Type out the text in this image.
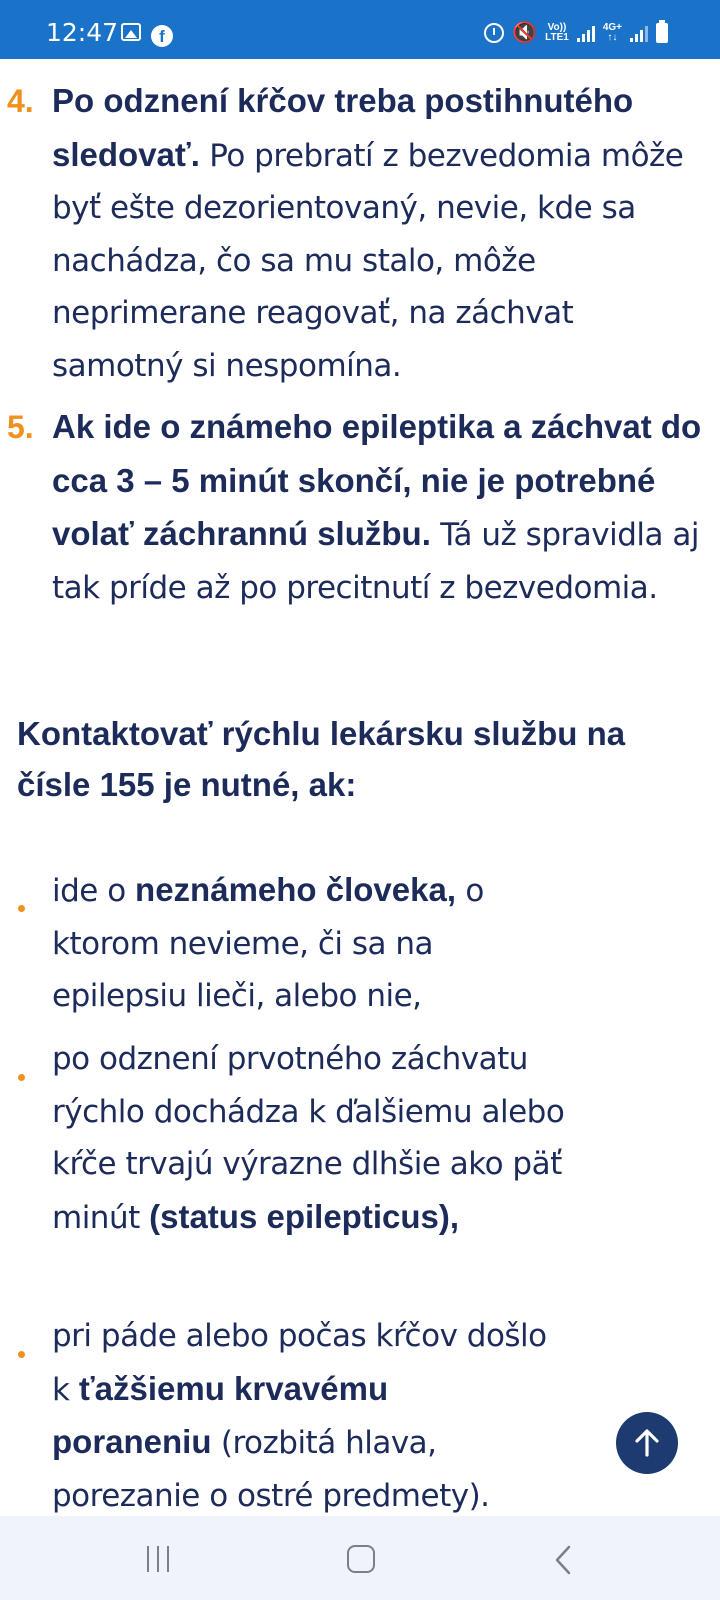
12:47	f	🔇 Vo))
LTE1
4G+
↑↓
4. Po odznení kŕčov treba postihnutého sledovať. Po prebratí z bezvedomia môže byť ešte dezorientovaný, nevie, kde sa nachádza, čo sa mu stalo, môže neprimerane reagovať, na záchvat samotný si nespomína.
5. Ak ide o známeho epileptika a záchvat do cca 3 – 5 minút skončí, nie je potrebné volať záchrannú službu. Tá už spravidla aj tak príde až po precitnutí z bezvedomia.
Kontaktovať rýchlu lekársku službu na čísle 155 je nutné, ak:
ide o neznámeho človeka, o ktorom nevieme, či sa na epilepsiu lieči, alebo nie,
po odznení prvotného záchvatu rýchlo dochádza k ďalšiemu alebo kŕče trvajú výrazne dlhšie ako päť minút (status epilepticus),
pri páde alebo počas kŕčov došlo k ťažšiemu krvavému poraneniu (rozbitá hlava, porezanie o ostré predmety).
